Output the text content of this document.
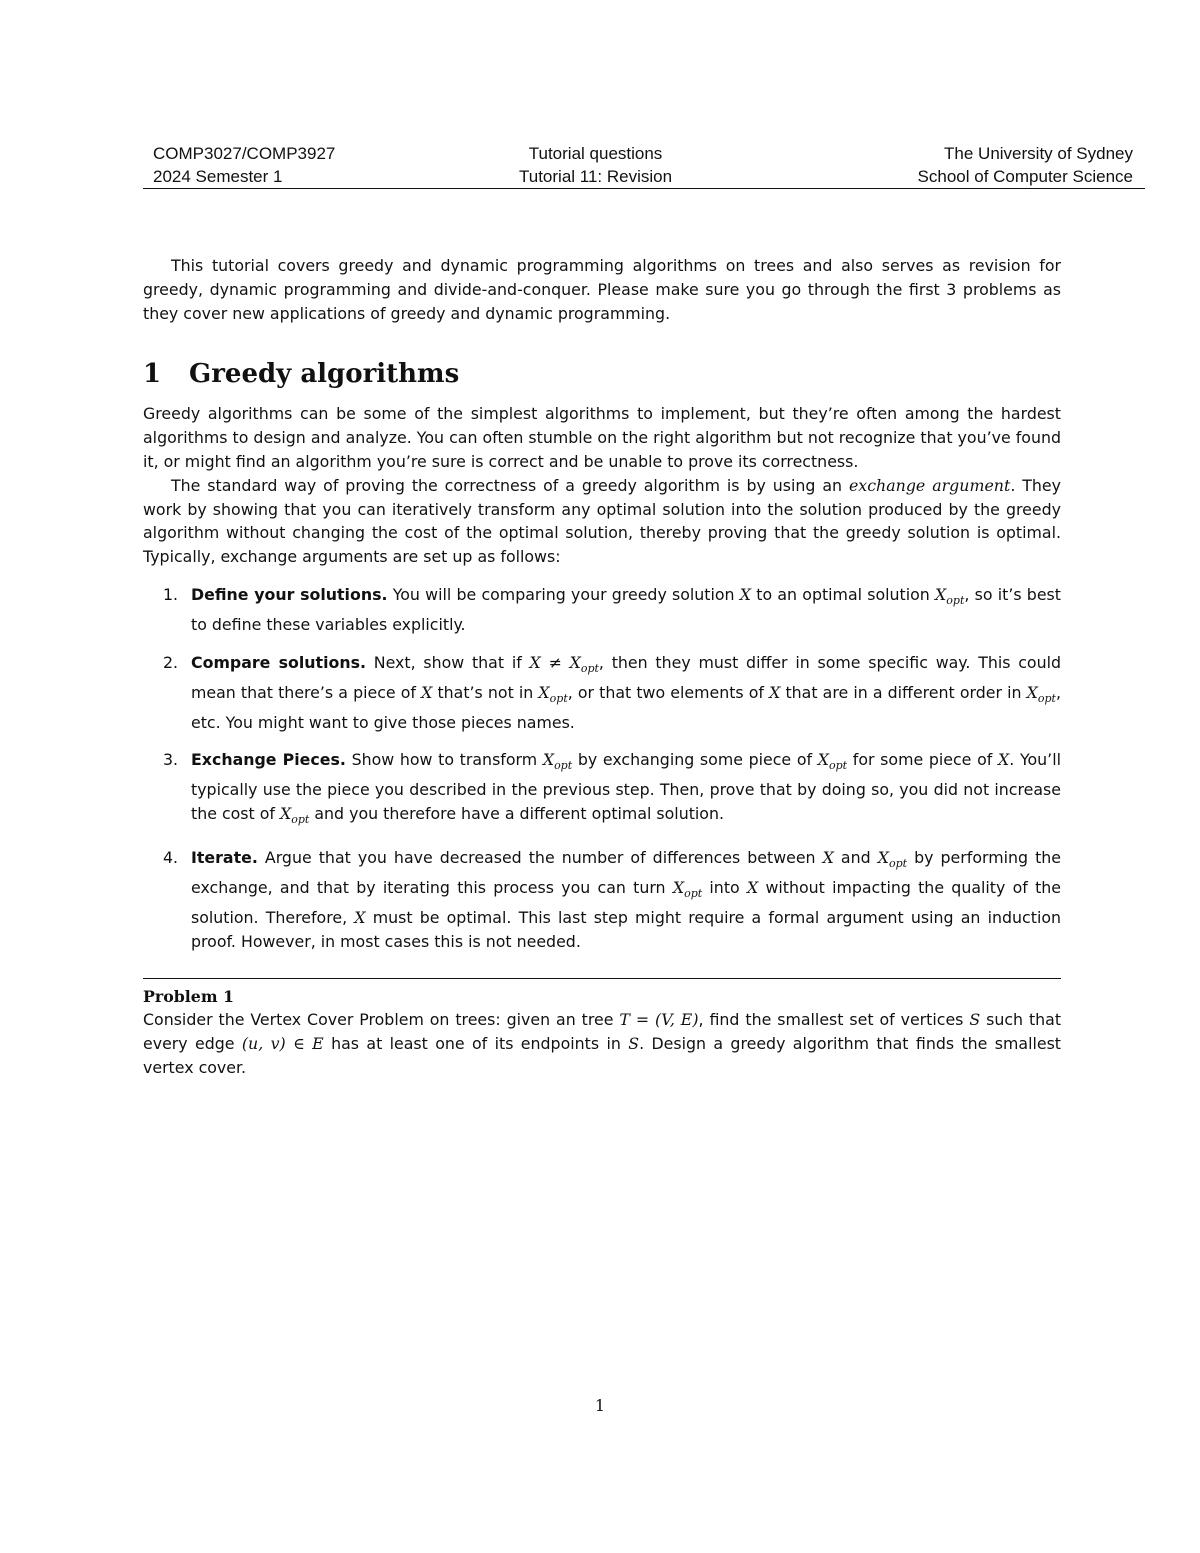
COMP3027/COMP3927
2024 Semester 1
Tutorial questions
Tutorial 11: Revision
The University of Sydney
School of Computer Science

This tutorial covers greedy and dynamic programming algorithms on trees and also serves as revision for greedy, dynamic programming and divide-and-conquer. Please make sure you go through the first 3 problems as they cover new applications of greedy and dynamic programming.

1 Greedy algorithms

Greedy algorithms can be some of the simplest algorithms to implement, but they’re often among the hardest algorithms to design and analyze. You can often stumble on the right algorithm but not recognize that you’ve found it, or might find an algorithm you’re sure is correct and be unable to prove its correctness.

The standard way of proving the correctness of a greedy algorithm is by using an exchange argument. They work by showing that you can iteratively transform any optimal solution into the solution produced by the greedy algorithm without changing the cost of the optimal solution, thereby proving that the greedy solution is optimal. Typically, exchange arguments are set up as follows:

1. Define your solutions. You will be comparing your greedy solution X to an optimal solution $X_{opt}$, so it’s best to define these variables explicitly.
2. Compare solutions. Next, show that if $X \ne X_{opt}$, then they must differ in some specific way. This could mean that there’s a piece of X that’s not in $X_{opt}$, or that two elements of X that are in a different order in $X_{opt}$, etc. You might want to give those pieces names.
3. Exchange Pieces. Show how to transform $X_{opt}$ by exchanging some piece of $X_{opt}$ for some piece of X. You’ll typically use the piece you described in the previous step. Then, prove that by doing so, you did not increase the cost of $X_{opt}$ and you therefore have a different optimal solution.
4. Iterate. Argue that you have decreased the number of differences between X and $X_{opt}$ by performing the exchange, and that by iterating this process you can turn $X_{opt}$ into X without impacting the quality of the solution. Therefore, X must be optimal. This last step might require a formal argument using an induction proof. However, in most cases this is not needed.
Problem 1

Consider the Vertex Cover Problem on trees: given an tree T = (V, E), find the smallest set of vertices S such that every edge (u, v) ∈ E has at least one of its endpoints in S. Design a greedy algorithm that finds the smallest vertex cover.

1
